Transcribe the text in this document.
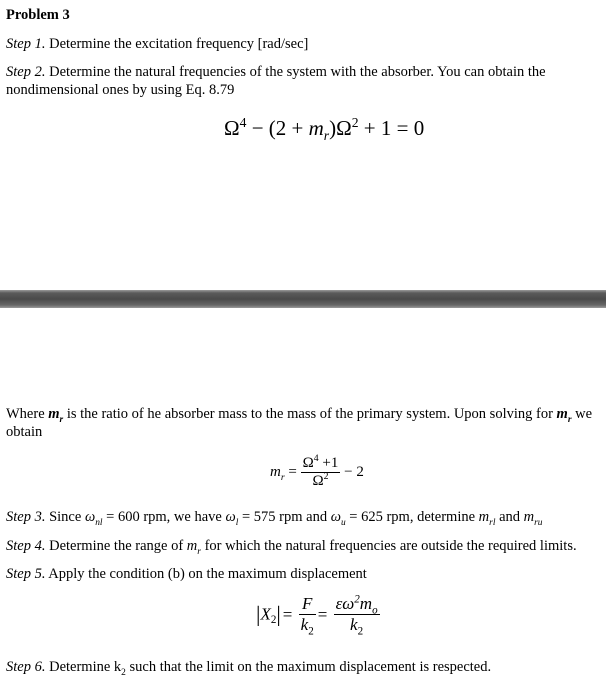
Problem 3
Step 1. Determine the excitation frequency [rad/sec]
Step 2. Determine the natural frequencies of the system with the absorber. You can obtain the nondimensional ones by using Eq. 8.79
$\Omega^4 - (2 + m_r)\Omega^2 + 1 = 0$
Where $m_r$ is the ratio of he absorber mass to the mass of the primary system. Upon solving for $m_r$ we obtain
$m_r = \frac{\Omega^4 +1}{\Omega^2} - 2$
Step 3. Since $\omega_{nl} = 600$ rpm, we have $\omega_l = 575$ rpm and $\omega_u = 625$ rpm, determine $m_{rl}$ and $m_{ru}$
Step 4. Determine the range of $m_r$ for which the natural frequencies are outside the required limits.
Step 5. Apply the condition (b) on the maximum displacement
$|X_2| = \frac{F}{k_2} = \frac{\varepsilon\omega^2m_o}{k_2}$
Step 6. Determine $k_2$ such that the limit on the maximum displacement is respected.
